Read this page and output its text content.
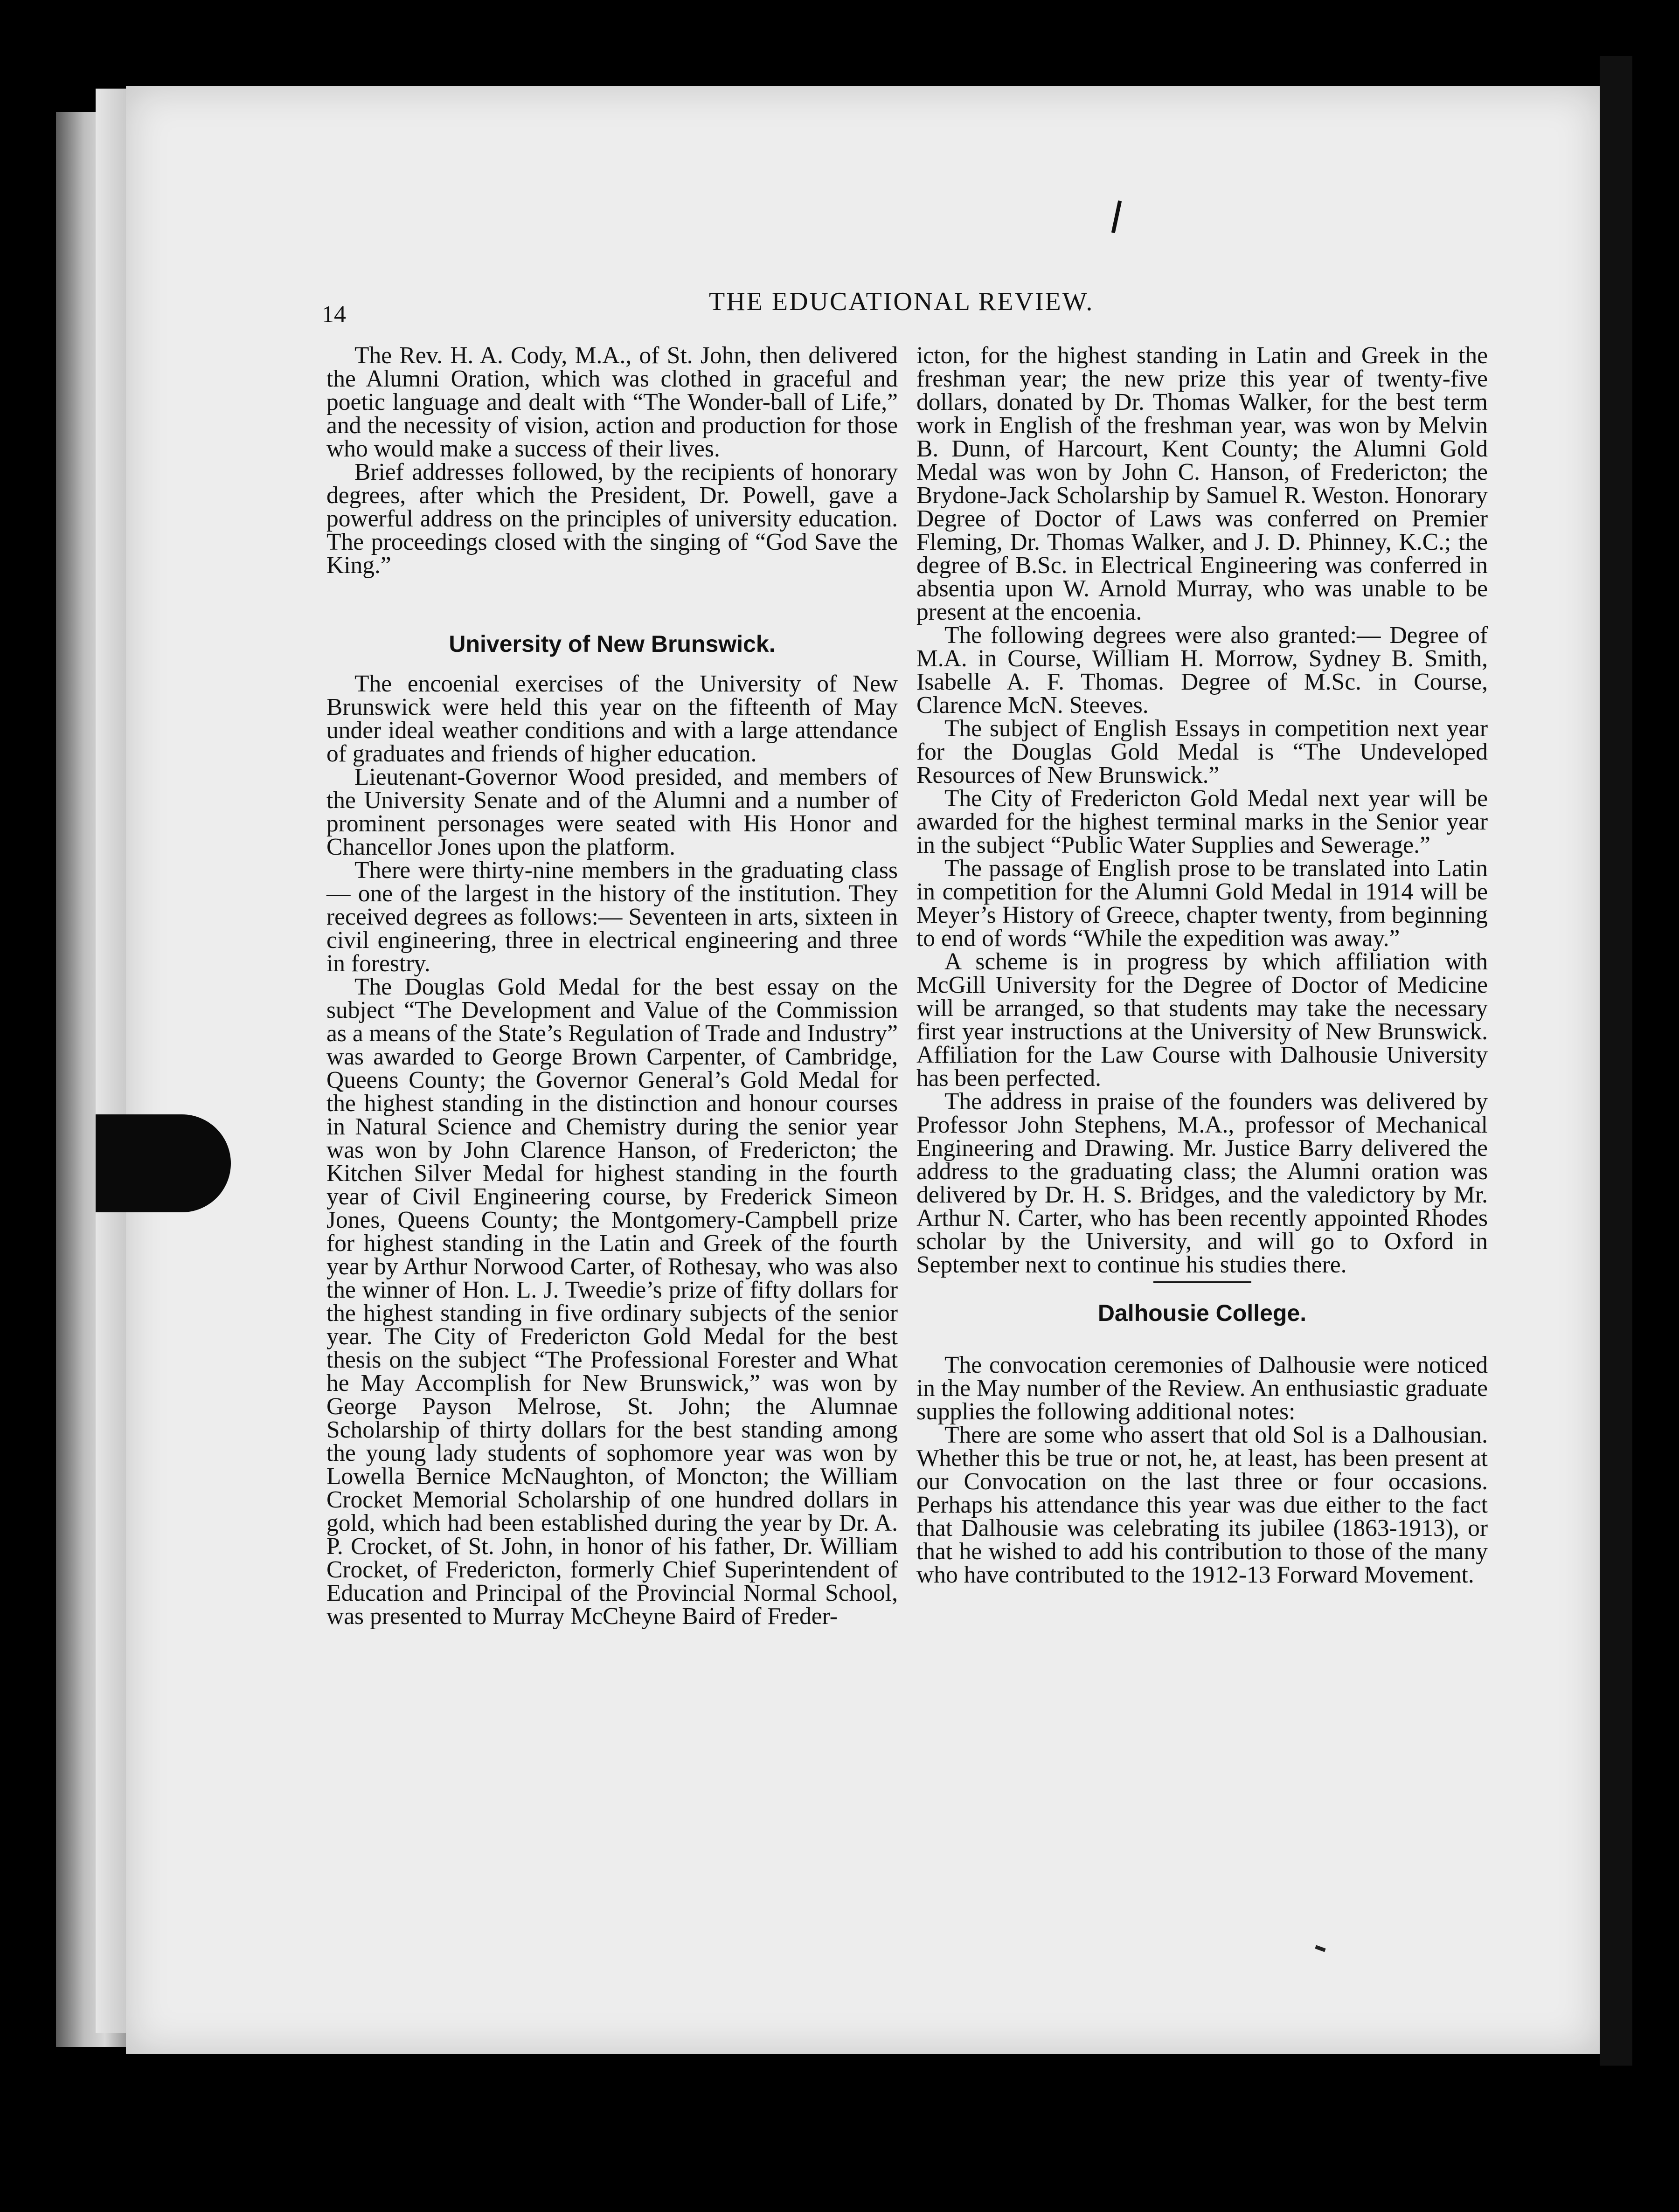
14	THE EDUCATIONAL REVIEW.

The Rev. H. A. Cody, M.A., of St. John, then delivered the Alumni Oration, which was clothed in graceful and poetic language and dealt with “The Wonder-ball of Life,” and the necessity of vision, action and production for those who would make a success of their lives.

Brief addresses followed, by the recipients of honorary degrees, after which the President, Dr. Powell, gave a powerful address on the principles of university education. The proceedings closed with the singing of “God Save the King.”

University of New Brunswick.

The encoenial exercises of the University of New Brunswick were held this year on the fifteenth of May under ideal weather conditions and with a large attendance of graduates and friends of higher education.

Lieutenant-Governor Wood presided, and members of the University Senate and of the Alumni and a number of prominent personages were seated with His Honor and Chancellor Jones upon the platform.

There were thirty-nine members in the graduating class — one of the largest in the history of the institution. They received degrees as follows:— Seventeen in arts, sixteen in civil engineering, three in electrical engineering and three in forestry.

The Douglas Gold Medal for the best essay on the subject “The Development and Value of the Commission as a means of the State’s Regulation of Trade and Industry” was awarded to George Brown Carpenter, of Cambridge, Queens County; the Governor General’s Gold Medal for the highest standing in the distinction and honour courses in Natural Science and Chemistry during the senior year was won by John Clarence Hanson, of Fredericton; the Kitchen Silver Medal for highest standing in the fourth year of Civil Engineering course, by Frederick Simeon Jones, Queens County; the Montgomery-Campbell prize for highest standing in the Latin and Greek of the fourth year by Arthur Norwood Carter, of Rothesay, who was also the winner of Hon. L. J. Tweedie’s prize of fifty dollars for the highest standing in five ordinary subjects of the senior year. The City of Fredericton Gold Medal for the best thesis on the subject “The Professional Forester and What he May Accomplish for New Brunswick,” was won by George Payson Melrose, St. John; the Alumnae Scholarship of thirty dollars for the best standing among the young lady students of sophomore year was won by Lowella Bernice McNaughton, of Moncton; the William Crocket Memorial Scholarship of one hundred dollars in gold, which had been established during the year by Dr. A. P. Crocket, of St. John, in honor of his father, Dr. William Crocket, of Fredericton, formerly Chief Superintendent of Education and Principal of the Provincial Normal School, was presented to Murray McCheyne Baird of Freder-

icton, for the highest standing in Latin and Greek in the freshman year; the new prize this year of twenty-five dollars, donated by Dr. Thomas Walker, for the best term work in English of the freshman year, was won by Melvin B. Dunn, of Harcourt, Kent County; the Alumni Gold Medal was won by John C. Hanson, of Fredericton; the Brydone-Jack Scholarship by Samuel R. Weston. Honorary Degree of Doctor of Laws was conferred on Premier Fleming, Dr. Thomas Walker, and J. D. Phinney, K.C.; the degree of B.Sc. in Electrical Engineering was conferred in absentia upon W. Arnold Murray, who was unable to be present at the encoenia.

The following degrees were also granted:— Degree of M.A. in Course, William H. Morrow, Sydney B. Smith, Isabelle A. F. Thomas. Degree of M.Sc. in Course, Clarence McN. Steeves.

The subject of English Essays in competition next year for the Douglas Gold Medal is “The Undeveloped Resources of New Brunswick.”

The City of Fredericton Gold Medal next year will be awarded for the highest terminal marks in the Senior year in the subject “Public Water Supplies and Sewerage.”

The passage of English prose to be translated into Latin in competition for the Alumni Gold Medal in 1914 will be Meyer’s History of Greece, chapter twenty, from beginning to end of words “While the expedition was away.”

A scheme is in progress by which affiliation with McGill University for the Degree of Doctor of Medicine will be arranged, so that students may take the necessary first year instructions at the University of New Brunswick. Affiliation for the Law Course with Dalhousie University has been perfected.

The address in praise of the founders was delivered by Professor John Stephens, M.A., professor of Mechanical Engineering and Drawing. Mr. Justice Barry delivered the address to the graduating class; the Alumni oration was delivered by Dr. H. S. Bridges, and the valedictory by Mr. Arthur N. Carter, who has been recently appointed Rhodes scholar by the University, and will go to Oxford in September next to continue his studies there.

Dalhousie College.

The convocation ceremonies of Dalhousie were noticed in the May number of the Review. An enthusiastic graduate supplies the following additional notes:

There are some who assert that old Sol is a Dalhousian. Whether this be true or not, he, at least, has been present at our Convocation on the last three or four occasions. Perhaps his attendance this year was due either to the fact that Dalhousie was celebrating its jubilee (1863-1913), or that he wished to add his contribution to those of the many who have contributed to the 1912-13 Forward Movement.
